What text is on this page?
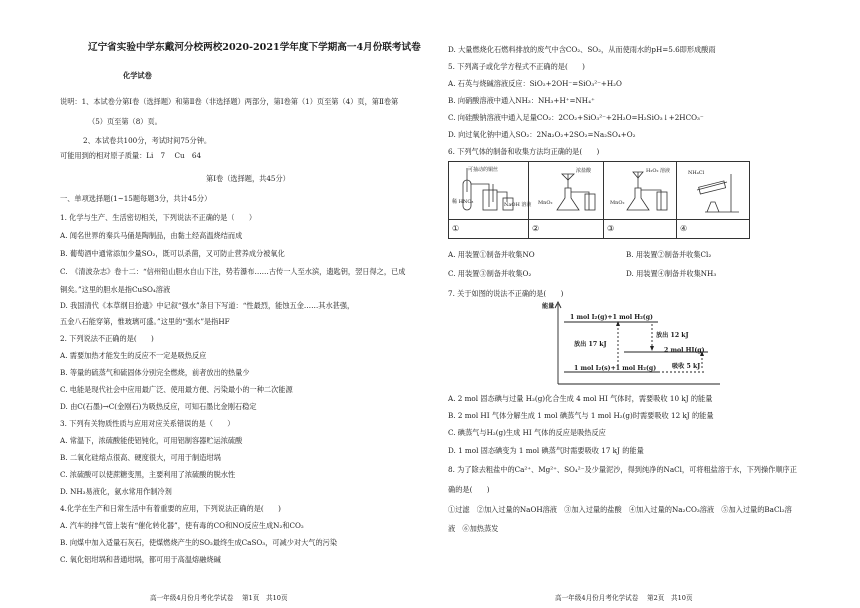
辽宁省实验中学东戴河分校两校2020-2021学年度下学期高一4月份联考试卷
化学试卷
说明：1、本试卷分第Ⅰ卷（选择题）和第Ⅱ卷（非选择题）两部分，第Ⅰ卷第（1）页至第（4）页，第Ⅱ卷第
（5）页至第（8）页。
2、本试卷共100分，考试时间75分钟。
可能用到的相对原子质量：Li　7　 Cu　64
第Ⅰ卷（选择题，共45分）
一、单项选择题(1~15题每题3分，共计45分）
1. 化学与生产、生活密切相关，下列说法不正确的是（　　）
A. 闻名世界的秦兵马俑是陶制品，由黏土经高温烧结而成
B. 葡萄酒中通常添加少量SO₂，既可以杀菌，又可防止营养成分被氧化
C.　《清波杂志》卷十二：“信州铅山胆水自山下注，势若瀑布……古传一人至水滨，遗匙钥，翌日得之，已成
铜矣。”这里的胆水是指CuSO₄溶液
D. 我国清代《本草纲目拾遗》中记叙“强水”条目下写道：“性最烈，能蚀五金……其水甚强，
五金八石能穿第，惟玻璃可盛。”这里的“强水”是指HF
2. 下列说法不正确的是(　　)
A. 需要加热才能发生的反应不一定是吸热反应
B. 等量的硫蒸气和硫固体分别完全燃烧，前者放出的热量少
C. 电能是现代社会中应用最广泛、使用最方便、污染最小的一种二次能源
D. 由C(石墨)→C(金刚石)为吸热反应，可知石墨比金刚石稳定
3. 下列有关物质性质与应用对应关系错误的是（　　）
A. 常温下，浓硫酸能使铝钝化，可用铝制容器贮运浓硫酸
B. 二氧化硅熔点很高、硬度很大，可用于制造坩埚
C. 浓硫酸可以使蔗糖变黑，主要利用了浓硫酸的脱水性
D. NH₃易液化，氨水常用作制冷剂
4.化学在生产和日常生活中有着重要的应用，下列说法正确的是(　　)
A. 汽车的排气管上装有“催化转化器”，使有毒的CO和NO反应生成N₂和CO₂
B. 向煤中加入适量石灰石，使煤燃烧产生的SO₂最终生成CaSO₃，可减少对大气的污染
C. 氧化铝坩埚和普通坩埚，都可用于高温熔融烧碱
高一年级4月份月考化学试卷　 第1页　共10页
D. 大量燃烧化石燃料排放的废气中含CO₂、SO₂，从而使雨水的pH=5.6即形成酸雨
5. 下列离子或化学方程式不正确的是(　　)
A. 石英与烧碱溶液反应：SiO₂+2OH⁻=SiO₃²⁻+H₂O
B. 向硝酸溶液中通入NH₃：NH₃+H⁺=NH₄⁺
C. 向硅酸钠溶液中通入足量CO₂：2CO₂+SiO₃²⁻+2H₂O=H₂SiO₃↓+2HCO₃⁻
D. 向过氧化钠中通入SO₂：2Na₂O₂+2SO₂=Na₂SO₄+O₂
6. 下列气体的制备和收集方法均正确的是(　　)
①	②	③	④
可抽动的铜丝
稀 HNO₃	NaOH 溶液 MnO₂
浓盐酸
MnO₂
H₂O₂ 溶液	NH₄Cl
A. 用装置①制备并收集NO	B. 用装置②制备并收集Cl₂
C. 用装置③制备并收集O₂	D. 用装置④制备并收集NH₃
7. 关于如图的说法不正确的是(　　)
能量
1 mol I₂(g)+1 mol H₂(g)
放出 12 kJ
放出 17 kJ
2 mol HI(g)
吸收 5 kJ
1 mol I₂(s)+1 mol H₂(g)
A. 2 mol 固态碘与过量 H₂(g)化合生成 4 mol HI 气体时，需要吸收 10 kJ 的能量
B. 2 mol HI 气体分解生成 1 mol 碘蒸气与 1 mol H₂(g)时需要吸收 12 kJ 的能量
C. 碘蒸气与H₂(g)生成 HI 气体的反应是吸热反应
D. 1 mol 固态碘变为 1 mol 碘蒸气时需要吸收 17 kJ 的能量
8. 为了除去粗盐中的Ca²⁺、Mg²⁺、SO₄²⁻及少量泥沙，得到纯净的NaCl，可将粗盐溶于水，下列操作顺序正
确的是(　　)
①过滤　②加入过量的NaOH溶液　③加入过量的盐酸　④加入过量的Na₂CO₃溶液　⑤加入过量的BaCl₂溶
液　⑥加热蒸发
高一年级4月份月考化学试卷　 第2页　共10页
